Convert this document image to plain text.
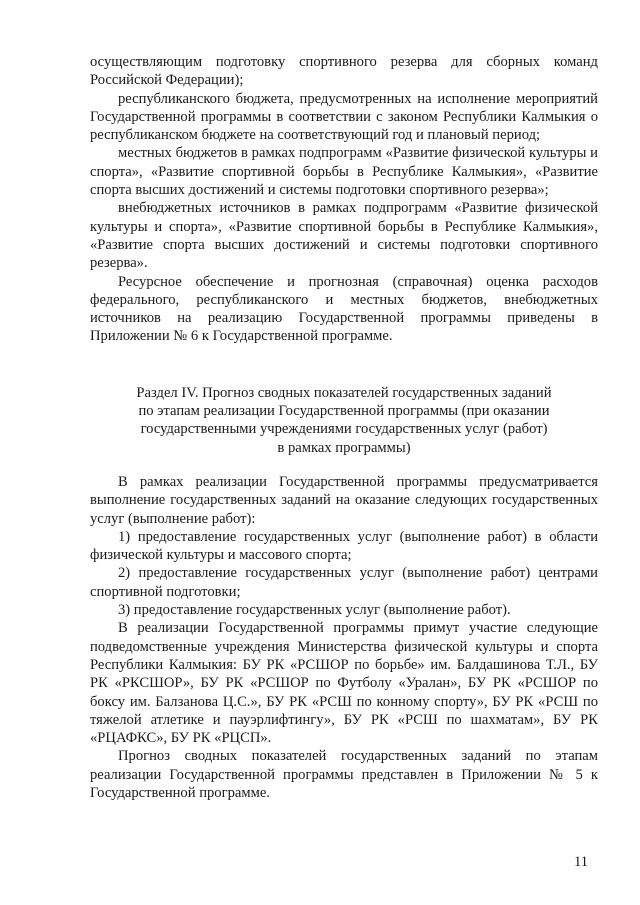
осуществляющим подготовку спортивного резерва для сборных команд Российской Федерации);

республиканского бюджета, предусмотренных на исполнение мероприятий Государственной программы в соответствии с законом Республики Калмыкия о республиканском бюджете на соответствующий год и плановый период;

местных бюджетов в рамках подпрограмм «Развитие физической культуры и спорта», «Развитие спортивной борьбы в Республике Калмыкия», «Развитие спорта высших достижений и системы подготовки спортивного резерва»;

внебюджетных источников в рамках подпрограмм «Развитие физической культуры и спорта», «Развитие спортивной борьбы в Республике Калмыкия», «Развитие спорта высших достижений и системы подготовки спортивного резерва».

Ресурсное обеспечение и прогнозная (справочная) оценка расходов федерального, республиканского и местных бюджетов, внебюджетных источников на реализацию Государственной программы приведены в Приложении № 6 к Государственной программе.

Раздел IV. Прогноз сводных показателей государственных заданий
по этапам реализации Государственной программы (при оказании
государственными учреждениями государственных услуг (работ)
в рамках программы)

В рамках реализации Государственной программы предусматривается выполнение государственных заданий на оказание следующих государственных услуг (выполнение работ):

1) предоставление государственных услуг (выполнение работ) в области физической культуры и массового спорта;

2) предоставление государственных услуг (выполнение работ) центрами спортивной подготовки;

3) предоставление государственных услуг (выполнение работ).

В реализации Государственной программы примут участие следующие подведомственные учреждения Министерства физической культуры и спорта Республики Калмыкия: БУ РК «РСШОР по борьбе» им. Балдашинова Т.Л., БУ РК «РКСШОР», БУ РК «РСШОР по Футболу «Уралан», БУ РК «РСШОР по боксу им. Балзанова Ц.С.», БУ РК «РСШ по конному спорту», БУ РК «РСШ по тяжелой атлетике и пауэрлифтингу», БУ РК «РСШ по шахматам», БУ РК «РЦАФКС», БУ РК «РЦСП».

Прогноз сводных показателей государственных заданий по этапам реализации Государственной программы представлен в Приложении № 5 к Государственной программе.

11
